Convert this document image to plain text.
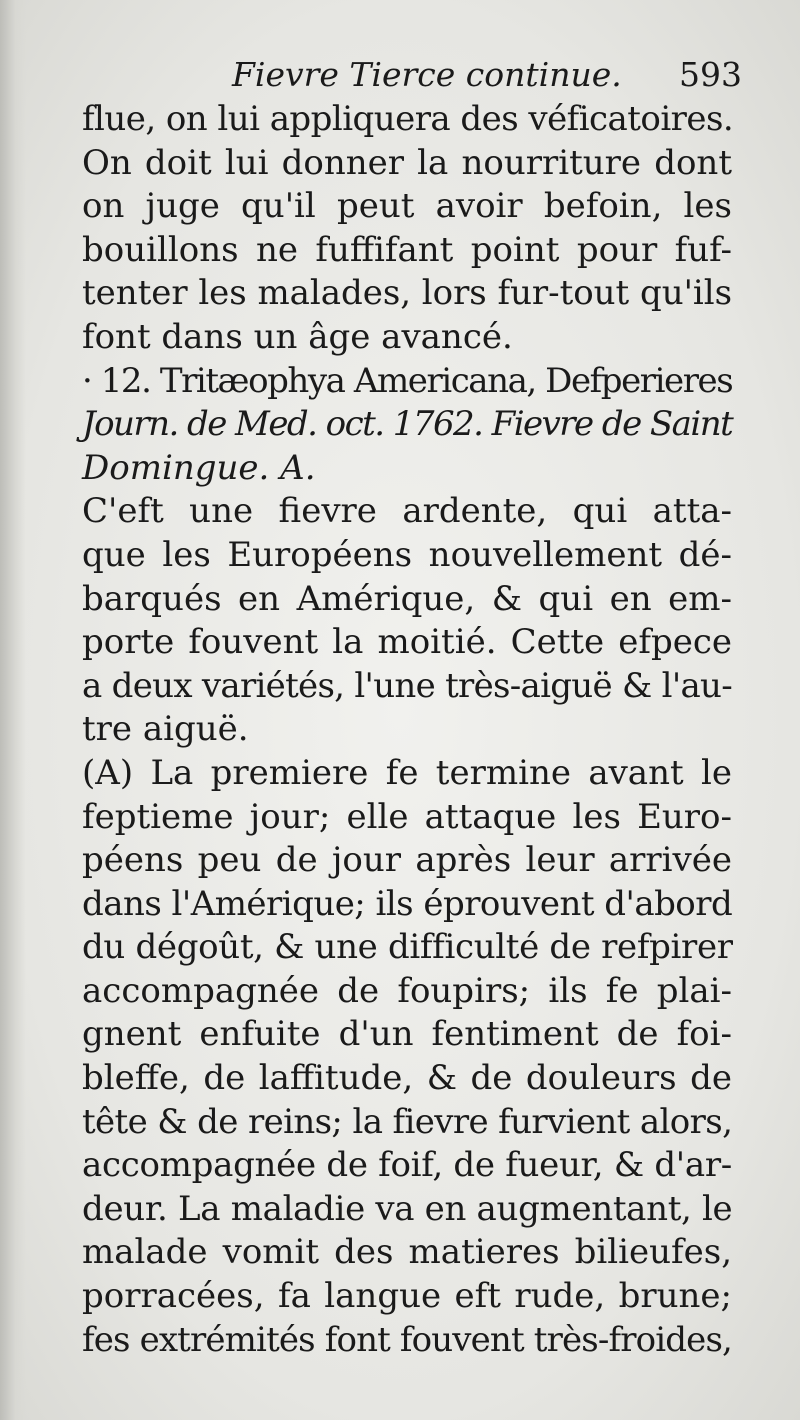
Fievre Tierce continue. 593
flue, on lui appliquera des véficatoires.
On doit lui donner la nourriture dont
on juge qu'il peut avoir befoin, les
bouillons ne fuffifant point pour fuf-
tenter les malades, lors fur-tout qu'ils
font dans un âge avancé.
· 12. Tritæophya Americana, Defperieres
Journ. de Med. oct. 1762. Fievre de Saint
Domingue. A.
C'eft une fievre ardente, qui atta-
que les Européens nouvellement dé-
barqués en Amérique, & qui en em-
porte fouvent la moitié. Cette efpece
a deux variétés, l'une très-aiguë & l'au-
tre aiguë.
(A) La premiere fe termine avant le
feptieme jour; elle attaque les Euro-
péens peu de jour après leur arrivée
dans l'Amérique; ils éprouvent d'abord
du dégoût, & une difficulté de refpirer
accompagnée de foupirs; ils fe plai-
gnent enfuite d'un fentiment de foi-
bleffe, de laffitude, & de douleurs de
tête & de reins; la fievre furvient alors,
accompagnée de foif, de fueur, & d'ar-
deur. La maladie va en augmentant, le
malade vomit des matieres bilieufes,
porracées, fa langue eft rude, brune;
fes extrémités font fouvent très-froides,
